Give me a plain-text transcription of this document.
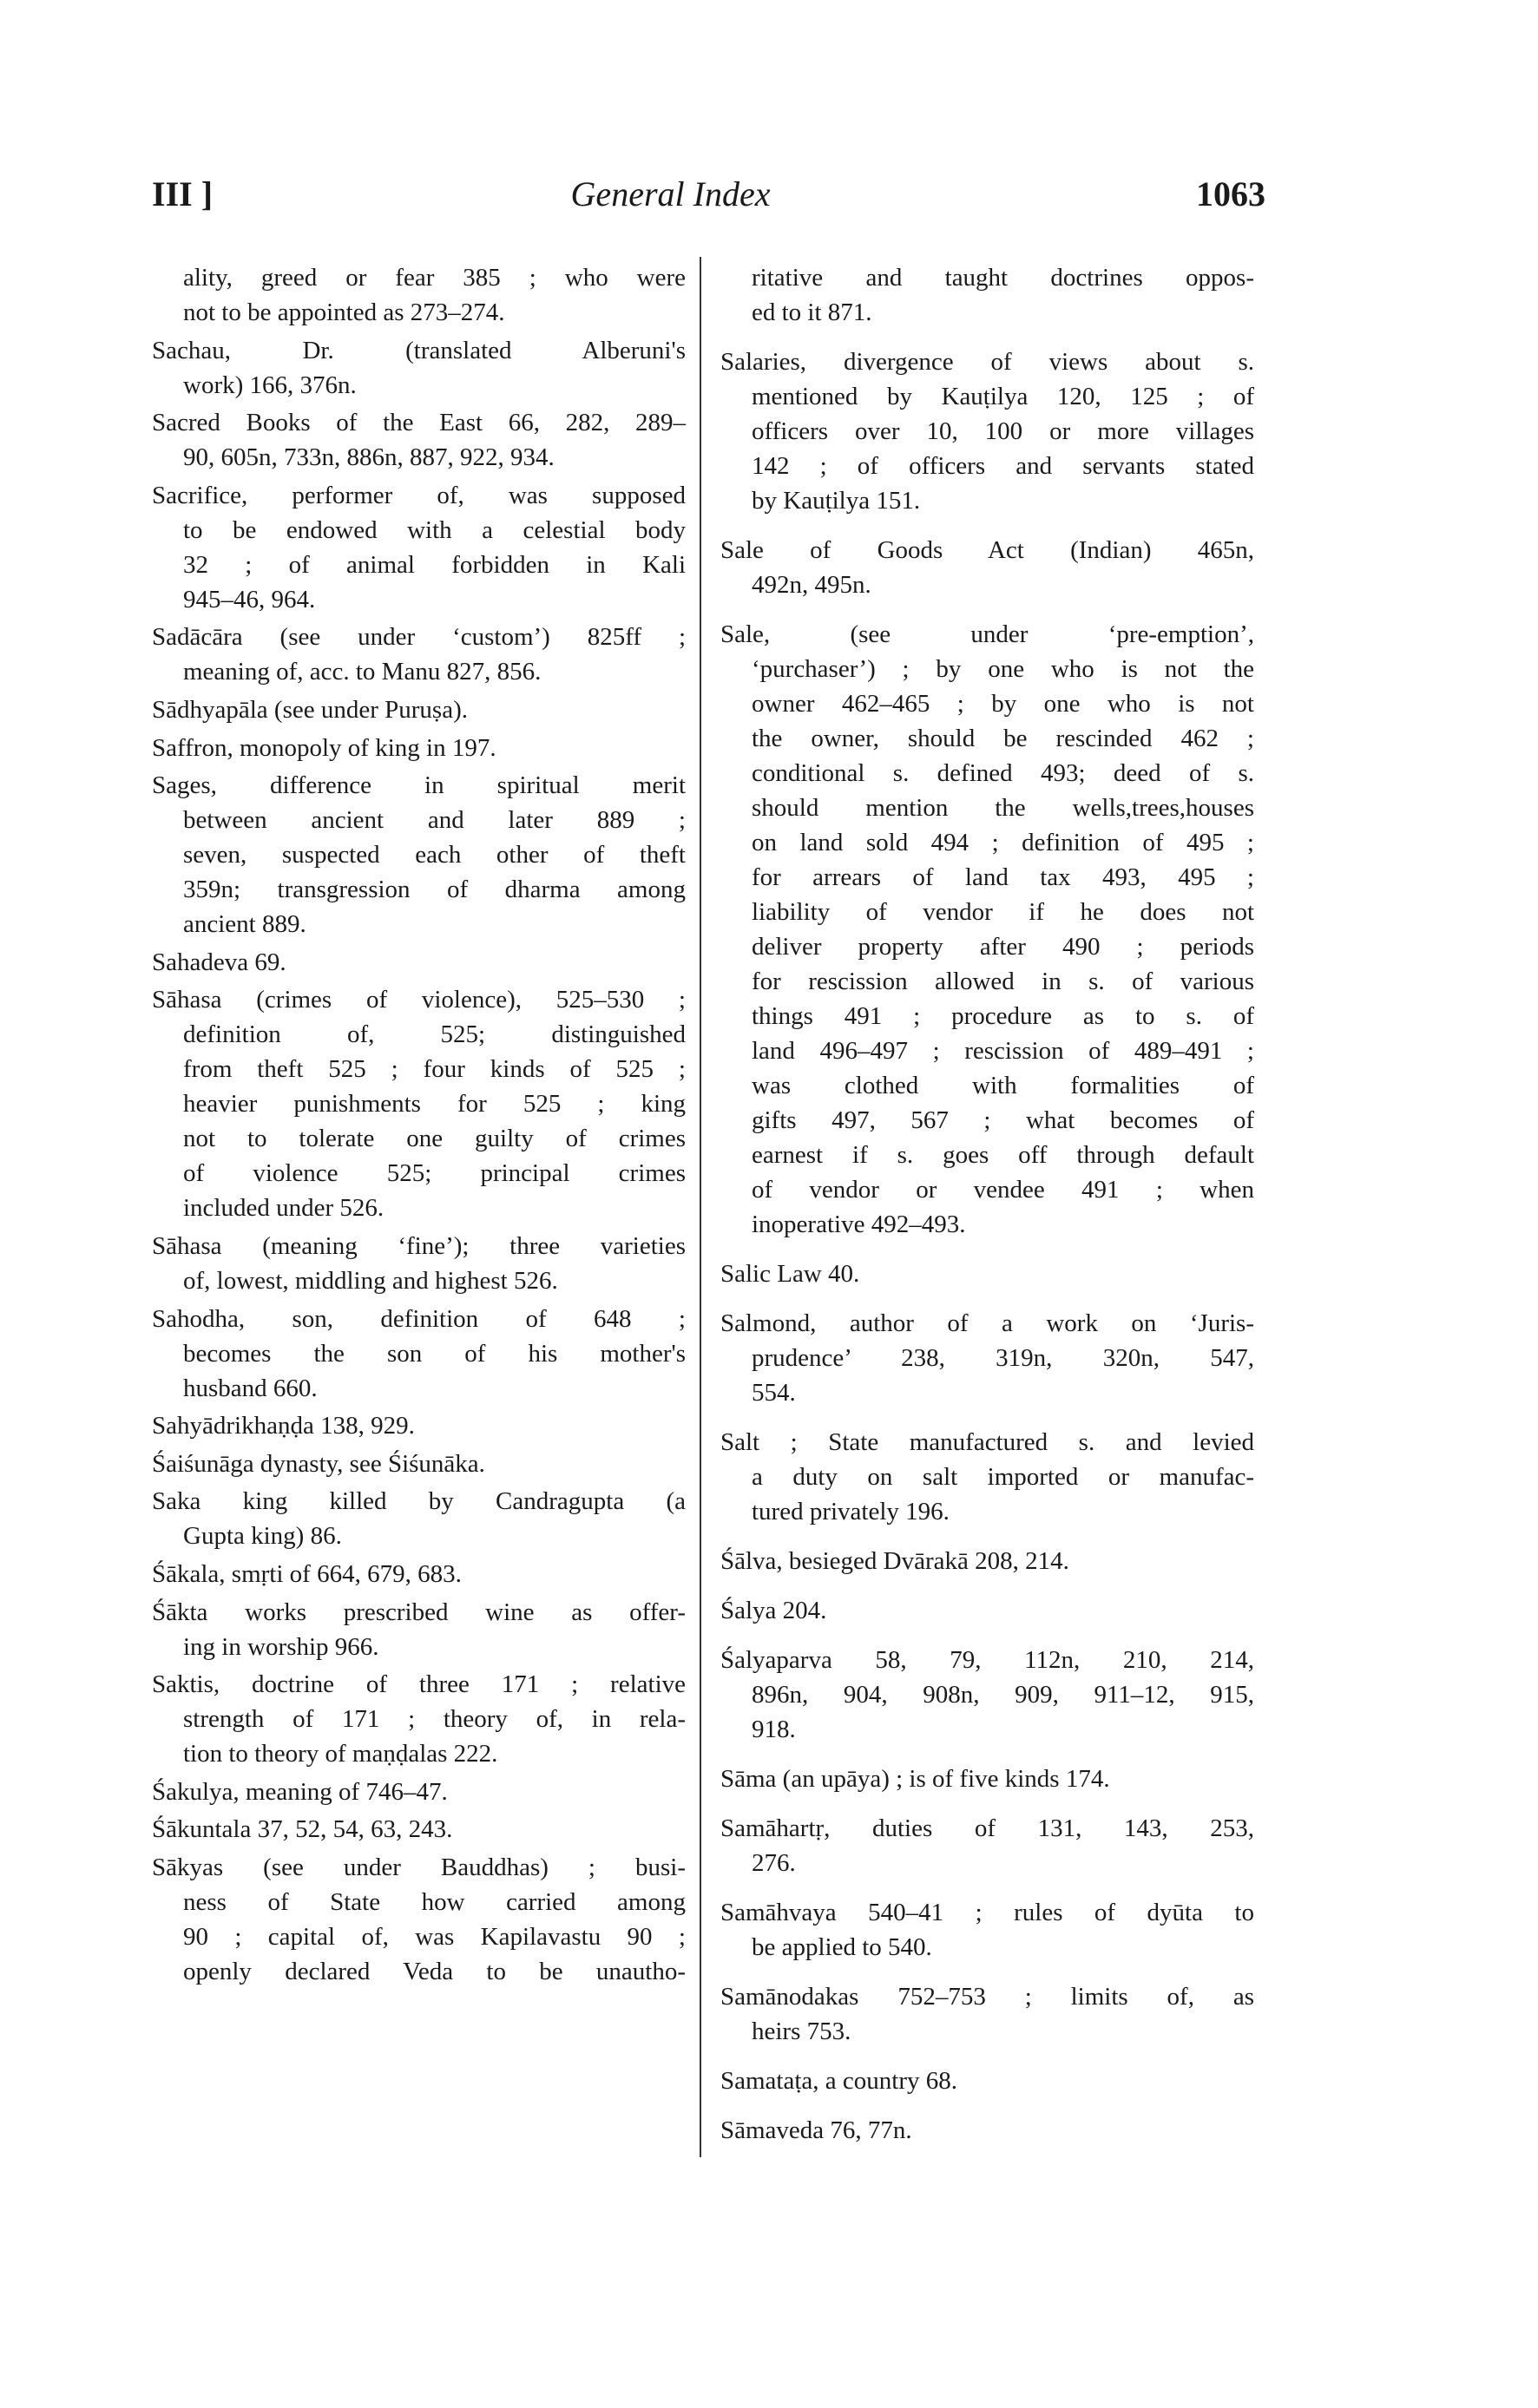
III ]	General Index	1063
ality, greed or fear 385 ; who were
not to be appointed as 273–274.
Sachau, Dr. (translated Alberuni's
work) 166, 376n.
Sacred Books of the East 66, 282, 289–
90, 605n, 733n, 886n, 887, 922, 934.
Sacrifice, performer of, was supposed
to be endowed with a celestial body
32 ; of animal forbidden in Kali
945–46, 964.
Sadācāra (see under ‘custom’) 825ff ;
meaning of, acc. to Manu 827, 856.
Sādhyapāla (see under Puruṣa).
Saffron, monopoly of king in 197.
Sages, difference in spiritual merit
between ancient and later 889 ;
seven, suspected each other of theft
359n; transgression of dharma among
ancient 889.
Sahadeva 69.
Sāhasa (crimes of violence), 525–530 ;
definition of, 525; distinguished
from theft 525 ; four kinds of 525 ;
heavier punishments for 525 ; king
not to tolerate one guilty of crimes
of violence 525; principal crimes
included under 526.
Sāhasa (meaning ‘fine’); three varieties
of, lowest, middling and highest 526.
Sahodha, son, definition of 648 ;
becomes the son of his mother's
husband 660.
Sahyādrikhaṇḍa 138, 929.
Śaiśunāga dynasty, see Śiśunāka.
Saka king killed by Candragupta (a
Gupta king) 86.
Śākala, smṛti of 664, 679, 683.
Śākta works prescribed wine as offer-
ing in worship 966.
Saktis, doctrine of three 171 ; relative
strength of 171 ; theory of, in rela-
tion to theory of maṇḍalas 222.
Śakulya, meaning of 746–47.
Śākuntala 37, 52, 54, 63, 243.
Sākyas (see under Bauddhas) ; busi-
ness of State how carried among
90 ; capital of, was Kapilavastu 90 ;
openly declared Veda to be unautho-
ritative and taught doctrines oppos-
ed to it 871.
Salaries, divergence of views about s.
mentioned by Kauṭilya 120, 125 ; of
officers over 10, 100 or more villages
142 ; of officers and servants stated
by Kauṭilya 151.
Sale of Goods Act (Indian) 465n,
492n, 495n.
Sale, (see under ‘pre-emption’,
‘purchaser’) ; by one who is not the
owner 462–465 ; by one who is not
the owner, should be rescinded 462 ;
conditional s. defined 493; deed of s.
should mention the wells,trees,houses
on land sold 494 ; definition of 495 ;
for arrears of land tax 493, 495 ;
liability of vendor if he does not
deliver property after 490 ; periods
for rescission allowed in s. of various
things 491 ; procedure as to s. of
land 496–497 ; rescission of 489–491 ;
was clothed with formalities of
gifts 497, 567 ; what becomes of
earnest if s. goes off through default
of vendor or vendee 491 ; when
inoperative 492–493.
Salic Law 40.
Salmond, author of a work on ‘Juris-
prudence’ 238, 319n, 320n, 547,
554.
Salt ; State manufactured s. and levied
a duty on salt imported or manufac-
tured privately 196.
Śālva, besieged Dvārakā 208, 214.
Śalya 204.
Śalyaparva 58, 79, 112n, 210, 214,
896n, 904, 908n, 909, 911–12, 915,
918.
Sāma (an upāya) ; is of five kinds 174.
Samāhartṛ, duties of 131, 143, 253,
276.
Samāhvaya 540–41 ; rules of dyūta to
be applied to 540.
Samānodakas 752–753 ; limits of, as
heirs 753.
Samataṭa, a country 68.
Sāmaveda 76, 77n.
